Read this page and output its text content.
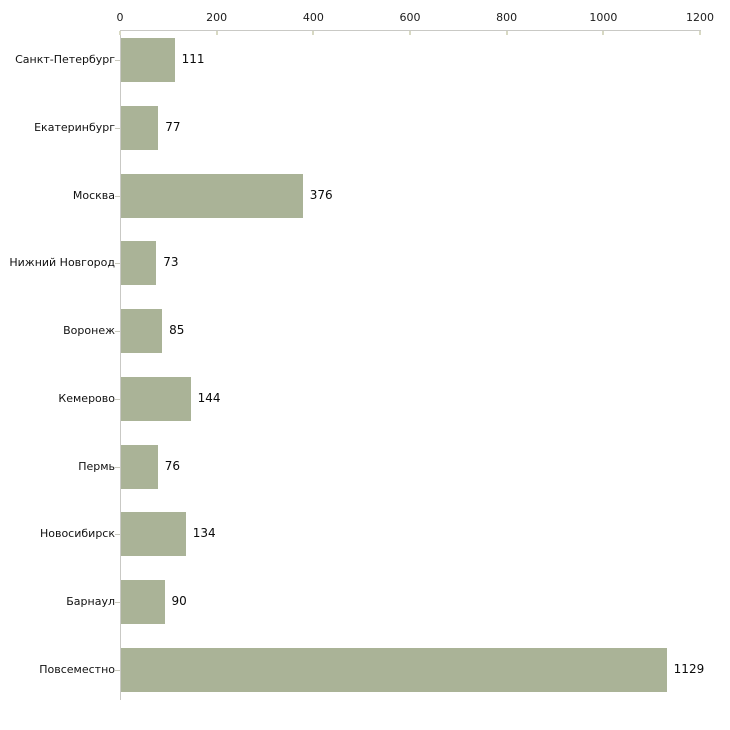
0	200	400	600	800	1000	1200
Санкт-Петербург	111
Екатеринбург	77
Москва	376
Нижний Новгород	73
Воронеж	85
Кемерово	144
Пермь	76
Новосибирск	134
Барнаул	90
Повсеместно	1129
